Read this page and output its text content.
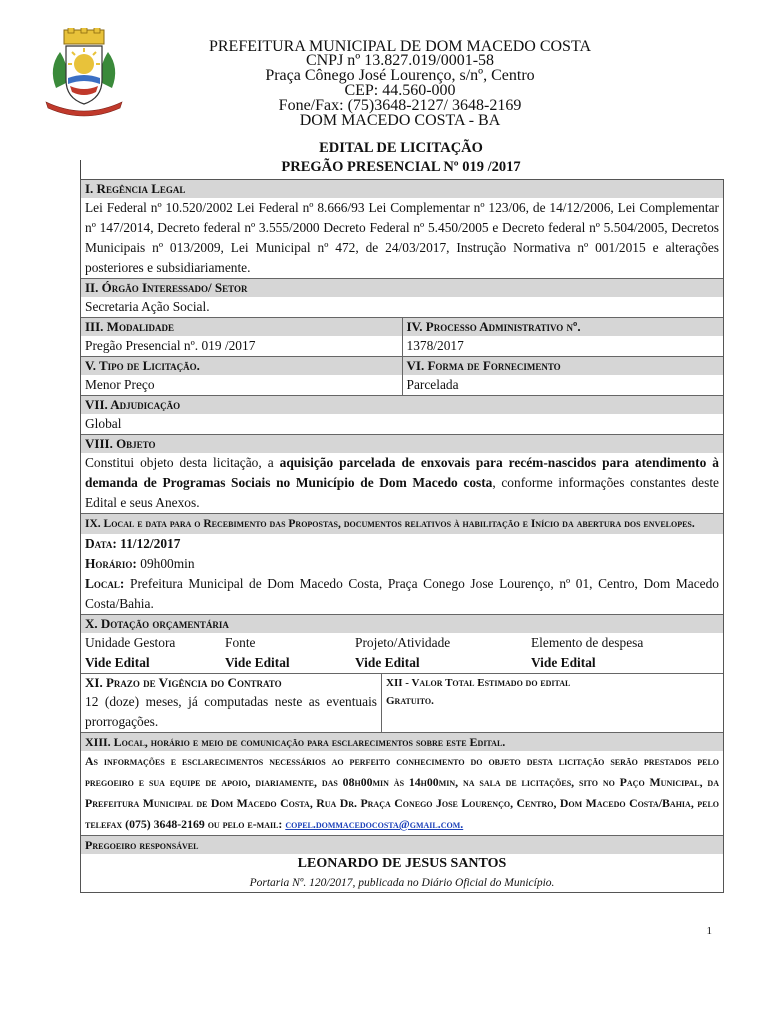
PREFEITURA MUNICIPAL DE DOM MACEDO COSTA
CNPJ nº 13.827.019/0001-58
Praça Cônego José Lourenço, s/nº, Centro
CEP: 44.560-000
Fone/Fax: (75)3648-2127/ 3648-2169
DOM MACEDO COSTA - BA
EDITAL DE LICITAÇÃO
PREGÃO PRESENCIAL Nº 019 /2017
I. Regência Legal
Lei Federal nº 10.520/2002 Lei Federal nº 8.666/93 Lei Complementar nº 123/06, de 14/12/2006, Lei Complementar nº 147/2014, Decreto federal nº 3.555/2000 Decreto Federal nº 5.450/2005 e Decreto federal nº 5.504/2005, Decretos Municipais nº 013/2009, Lei Municipal nº 472, de 24/03/2017, Instrução Normativa nº 001/2015 e alterações posteriores e subsidiariamente.
II. Órgão Interessado/ Setor
Secretaria Ação Social.
III. Modalidade
Pregão Presencial nº. 019 /2017
IV. Processo Administrativo nº.
1378/2017
V. Tipo de Licitação.
Menor Preço
VI. Forma de Fornecimento
Parcelada
VII. Adjudicação
Global
VIII. Objeto
Constitui objeto desta licitação, a aquisição parcelada de enxovais para recém-nascidos para atendimento à demanda de Programas Sociais no Município de Dom Macedo costa, conforme informações constantes deste Edital e seus Anexos.
IX. Local e data para o Recebimento das Propostas, documentos relativos à habilitação e Início da abertura dos envelopes.
Data: 11/12/2017
Horário: 09h00min
Local: Prefeitura Municipal de Dom Macedo Costa, Praça Conego Jose Lourenço, nº 01, Centro, Dom Macedo Costa/Bahia.
X. Dotação orçamentária
Unidade Gestora	Fonte	Projeto/Atividade	Elemento de despesa
Vide Edital	Vide Edital	Vide Edital	Vide Edital
XI. Prazo de Vigência do Contrato
12 (doze) meses, já computadas neste as eventuais prorrogações.
XII - Valor Total Estimado do edital
Gratuito.
XIII. Local, horário e meio de comunicação para esclarecimentos sobre este Edital.
As informações e esclarecimentos necessários ao perfeito conhecimento do objeto desta licitação serão prestados pelo pregoeiro e sua equipe de apoio, diariamente, das 08h00min às 14h00min, na sala de licitações, sito no Paço Municipal, da Prefeitura Municipal de Dom Macedo Costa, Rua Dr. Praça Conego Jose Lourenço, Centro, Dom Macedo Costa/Bahia, pelo telefax (075) 3648-2169 ou pelo e-mail: copel.dommacedocosta@gmail.com.
Pregoeiro responsável
LEONARDO DE JESUS SANTOS
Portaria Nº. 120/2017, publicada no Diário Oficial do Município.
1
